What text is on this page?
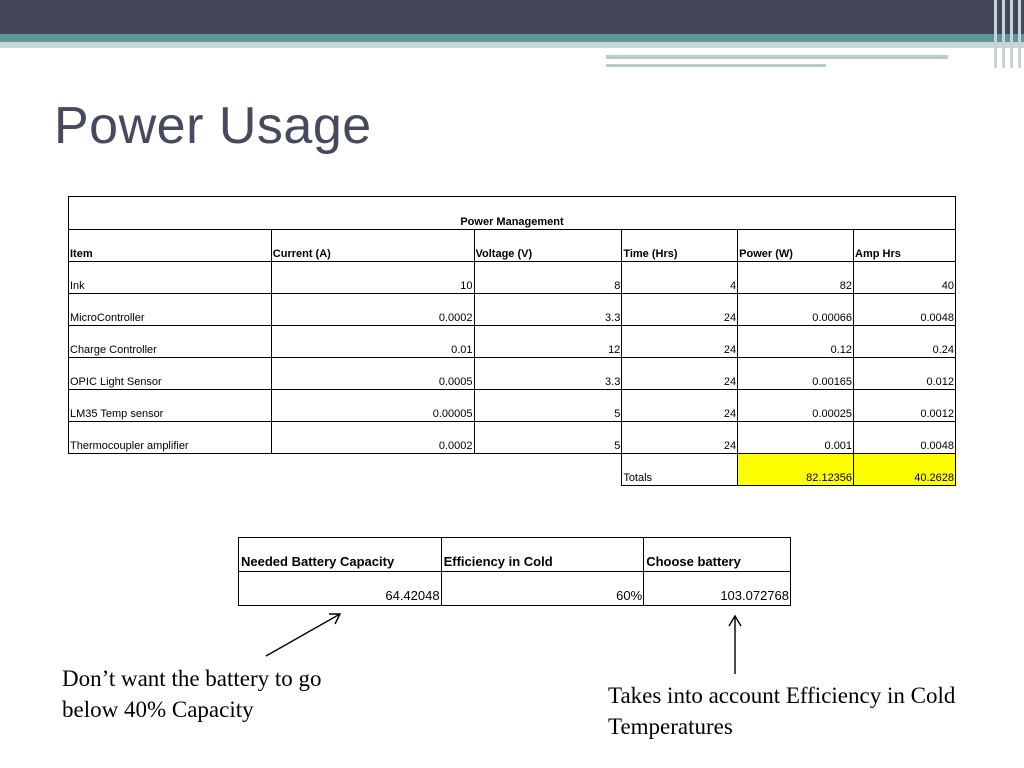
Power Usage
Power Management					
Item	Current (A)	Voltage (V)	Time (Hrs)	Power (W)	Amp Hrs
Ink	10	8	4	82	40
MicroController	0.0002	3.3	24	0.00066	0.0048
Charge Controller	0.01	12	24	0.12	0.24
OPIC Light Sensor	0.0005	3.3	24	0.00165	0.012
LM35 Temp sensor	0.00005	5	24	0.00025	0.0012
Thermocoupler amplifier	0.0002	5	24	0.001	0.0048
			Totals	82.12356	40.2628
Needed Battery Capacity	Efficiency in Cold	Choose battery
64.42048	60%	103.072768

Don’t want the battery to go below 40% Capacity

Takes into account Efficiency in Cold Temperatures
